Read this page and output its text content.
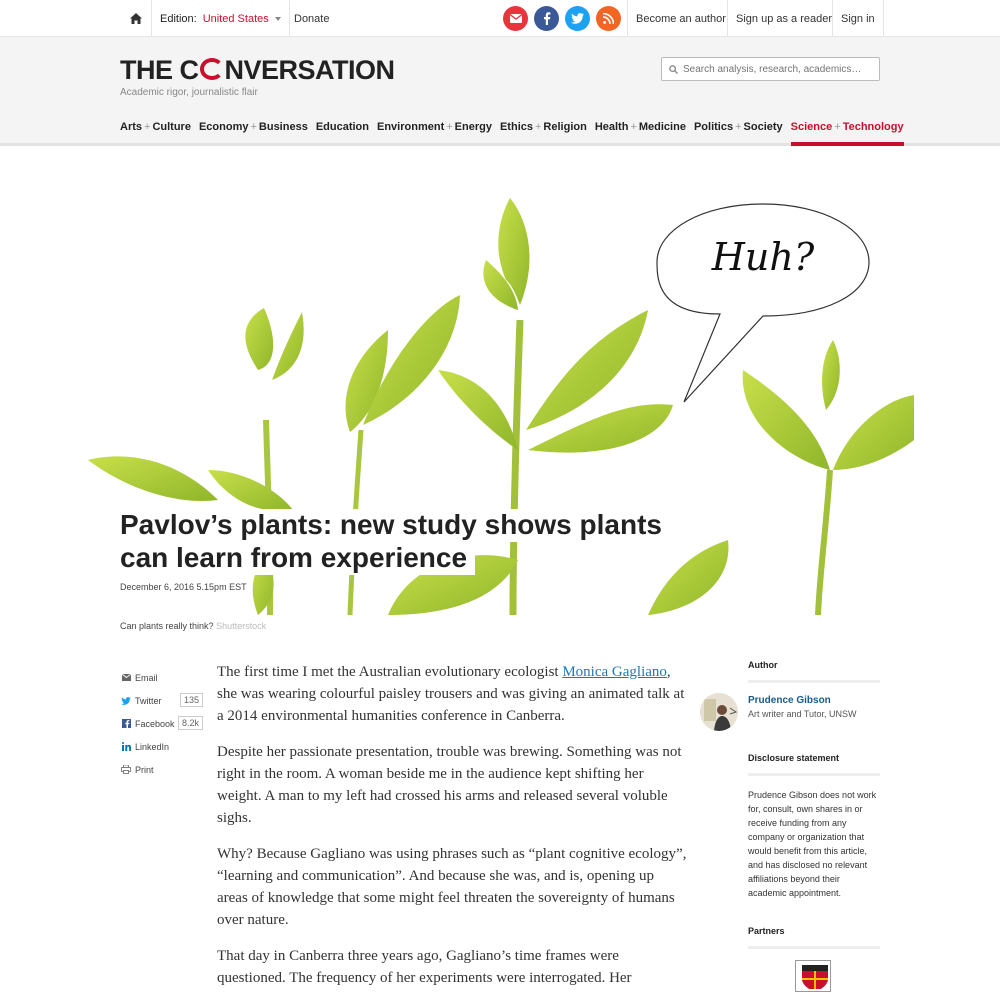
Edition: United States Donate	Become an author Sign up as a reader Sign in
THE C NVERSATION
Academic rigor, journalistic flair
Search analysis, research, academics…
Arts + Culture Economy + Business Education Environment + Energy Ethics + Religion Health + Medicine Politics + Society Science + Technology
Huh?
Pavlov’s plants: new study shows plants can learn from experience
December 6, 2016 5.15pm EST
Can plants really think? Shutterstock
Email
Twitter	135
Facebook 8.2k
LinkedIn
Print

The first time I met the Australian evolutionary ecologist Monica Gagliano, she was wearing colourful paisley trousers and was giving an animated talk at a 2014 environmental humanities conference in Canberra.

Despite her passionate presentation, trouble was brewing. Something was not right in the room. A woman beside me in the audience kept shifting her weight. A man to my left had crossed his arms and released several voluble sighs.

Why? Because Gagliano was using phrases such as “plant cognitive ecology”, “learning and communication”. And because she was, and is, opening up areas of knowledge that some might feel threaten the sovereignty of humans over nature.

That day in Canberra three years ago, Gagliano’s time frames were questioned. The frequency of her experiments were interrogated. Her

Author
Prudence Gibson
Art writer and Tutor, UNSW
Disclosure statement
Prudence Gibson does not work for, consult, own shares in or receive funding from any company or organization that would benefit from this article, and has disclosed no relevant affiliations beyond their academic appointment.
Partners
